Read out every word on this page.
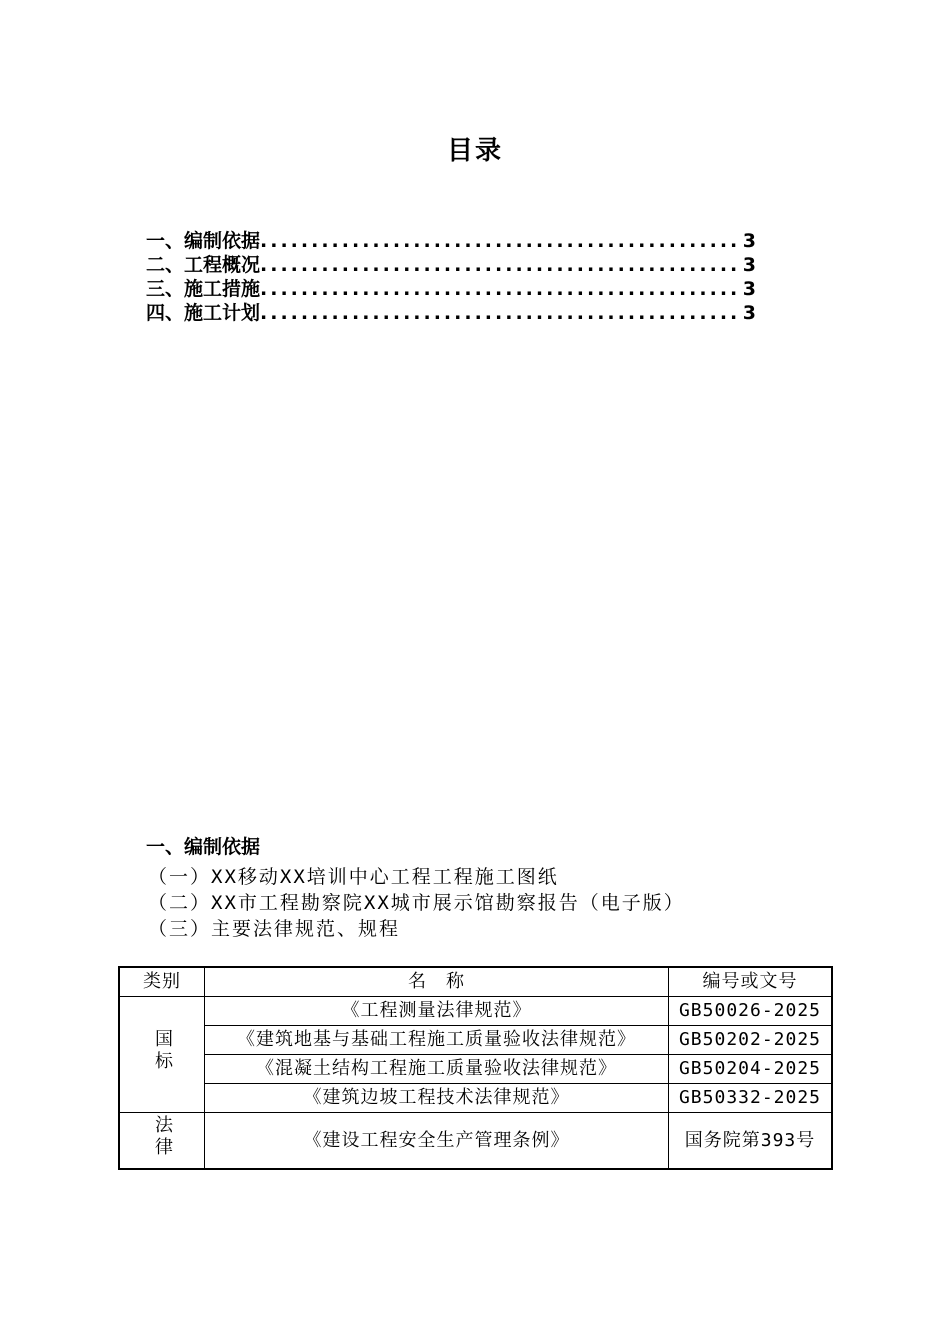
目录
一、编制依据 .....	3
二、工程概况 .....	3
三、施工措施 .....	3
四、施工计划 .....	3
一、编制依据
（一）XX移动XX培训中心工程工程施工图纸
（二）XX市工程勘察院XX城市展示馆勘察报告（电子版）
（三）主要法律规范、规程
类别	名　称	编号或文号
国标	《工程测量法律规范》	GB50026-2025
	《建筑地基与基础工程施工质量验收法律规范》	GB50202-2025
	《混凝土结构工程施工质量验收法律规范》	GB50204-2025
	《建筑边坡工程技术法律规范》	GB50332-2025
法律	《建设工程安全生产管理条例》	国务院第393号
